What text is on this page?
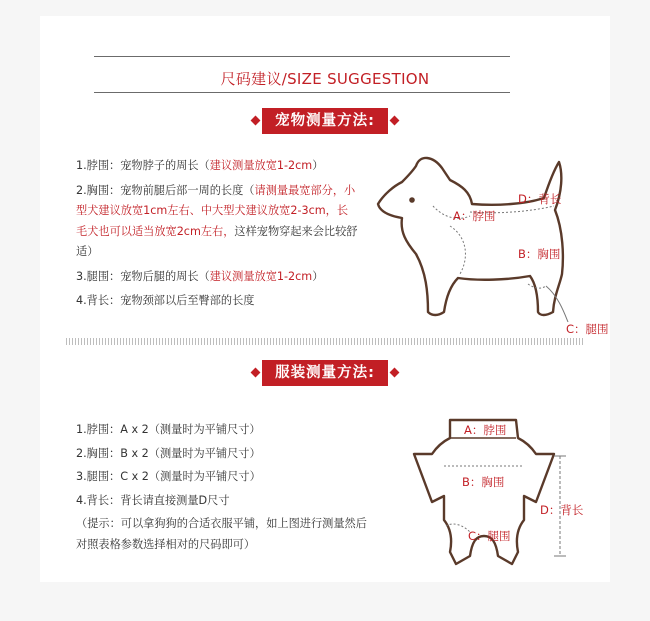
尺码建议/SIZE SUGGESTION
宠物测量方法:

1.脖围：宠物脖子的周长（建议测量放宽1-2cm）

2.胸围：宠物前腿后部一周的长度（请测量最宽部分，小型犬建议放宽1cm左右、中大型犬建议放宽2-3cm，长毛犬也可以适当放宽2cm左右，这样宠物穿起来会比较舒适）

3.腿围：宠物后腿的周长（建议测量放宽1-2cm）

4.背长：宠物颈部以后至臀部的长度

A：脖围
D：背长
B：胸围
C：腿围
服装测量方法:

1.脖围：A x 2（测量时为平铺尺寸）

2.胸围：B x 2（测量时为平铺尺寸）

3.腿围：C x 2（测量时为平铺尺寸）

4.背长：背长请直接测量D尺寸

（提示：可以拿狗狗的合适衣服平铺，如上图进行测量然后对照表格参数选择相对的尺码即可）

A：脖围
B：胸围
D：背长
C：腿围
